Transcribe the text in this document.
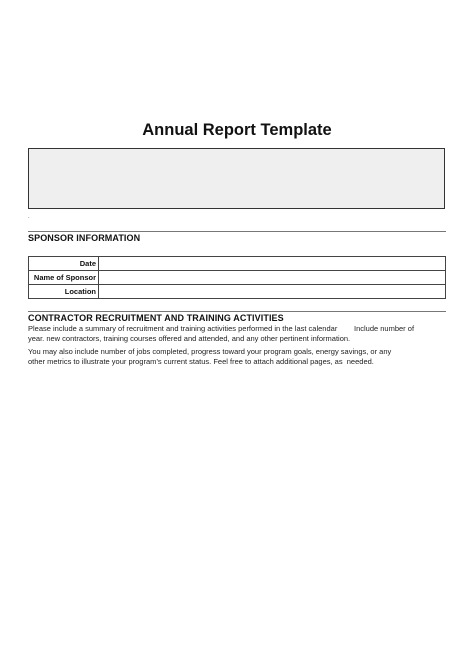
Annual Report Template
.
SPONSOR INFORMATION
Date	
Name of Sponsor	
Location	
CONTRACTOR RECRUITMENT AND TRAINING ACTIVITIES
Please include a summary of recruitment and training activities performed in the last calendar        Include number of
year. new contractors, training courses offered and attended, and any other pertinent information.
You may also include number of jobs completed, progress toward your program goals, energy savings, or any
other metrics to illustrate your program’s current status. Feel free to attach additional pages, as  needed.
